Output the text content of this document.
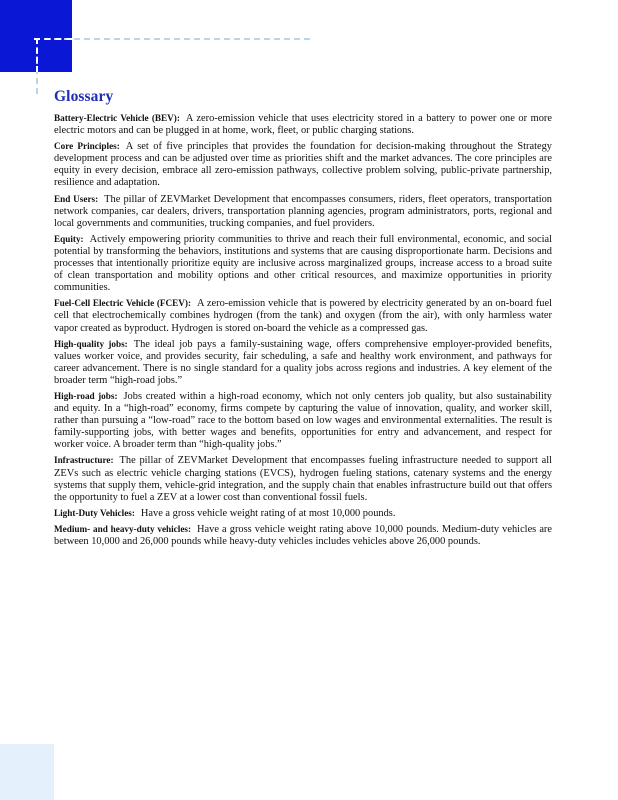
Glossary

Battery-Electric Vehicle (BEV): A zero-emission vehicle that uses electricity stored in a battery to power one or more electric motors and can be plugged in at home, work, fleet, or public charging stations.

Core Principles: A set of five principles that provides the foundation for decision-making throughout the Strategy development process and can be adjusted over time as priorities shift and the market advances. The core principles are equity in every decision, embrace all zero-emission pathways, collective problem solving, public-private partnership, resilience and adaptation.

End Users: The pillar of ZEVMarket Development that encompasses consumers, riders, fleet operators, transportation network companies, car dealers, drivers, transportation planning agencies, program administrators, ports, regional and local governments and communities, trucking companies, and fuel providers.

Equity: Actively empowering priority communities to thrive and reach their full environmental, economic, and social potential by transforming the behaviors, institutions and systems that are causing disproportionate harm. Decisions and processes that intentionally prioritize equity are inclusive across marginalized groups, increase access to a broad suite of clean transportation and mobility options and other critical resources, and maximize opportunities in priority communities.

Fuel-Cell Electric Vehicle (FCEV): A zero-emission vehicle that is powered by electricity generated by an on-board fuel cell that electrochemically combines hydrogen (from the tank) and oxygen (from the air), with only harmless water vapor created as byproduct. Hydrogen is stored on-board the vehicle as a compressed gas.

High-quality jobs: The ideal job pays a family-sustaining wage, offers comprehensive employer-provided benefits, values worker voice, and provides security, fair scheduling, a safe and healthy work environment, and pathways for career advancement. There is no single standard for a quality jobs across regions and industries. A key element of the broader term “high-road jobs.”

High-road jobs: Jobs created within a high-road economy, which not only centers job quality, but also sustainability and equity. In a “high-road” economy, firms compete by capturing the value of innovation, quality, and worker skill, rather than pursuing a “low-road” race to the bottom based on low wages and environmental externalities. The result is family-supporting jobs, with better wages and benefits, opportunities for entry and advancement, and respect for worker voice. A broader term than “high-quality jobs.”

Infrastructure: The pillar of ZEVMarket Development that encompasses fueling infrastructure needed to support all ZEVs such as electric vehicle charging stations (EVCS), hydrogen fueling stations, catenary systems and the energy systems that supply them, vehicle-grid integration, and the supply chain that enables infrastructure build out that offers the opportunity to fuel a ZEV at a lower cost than conventional fossil fuels.

Light-Duty Vehicles: Have a gross vehicle weight rating of at most 10,000 pounds.

Medium- and heavy-duty vehicles: Have a gross vehicle weight rating above 10,000 pounds. Medium-duty vehicles are between 10,000 and 26,000 pounds while heavy-duty vehicles includes vehicles above 26,000 pounds.
